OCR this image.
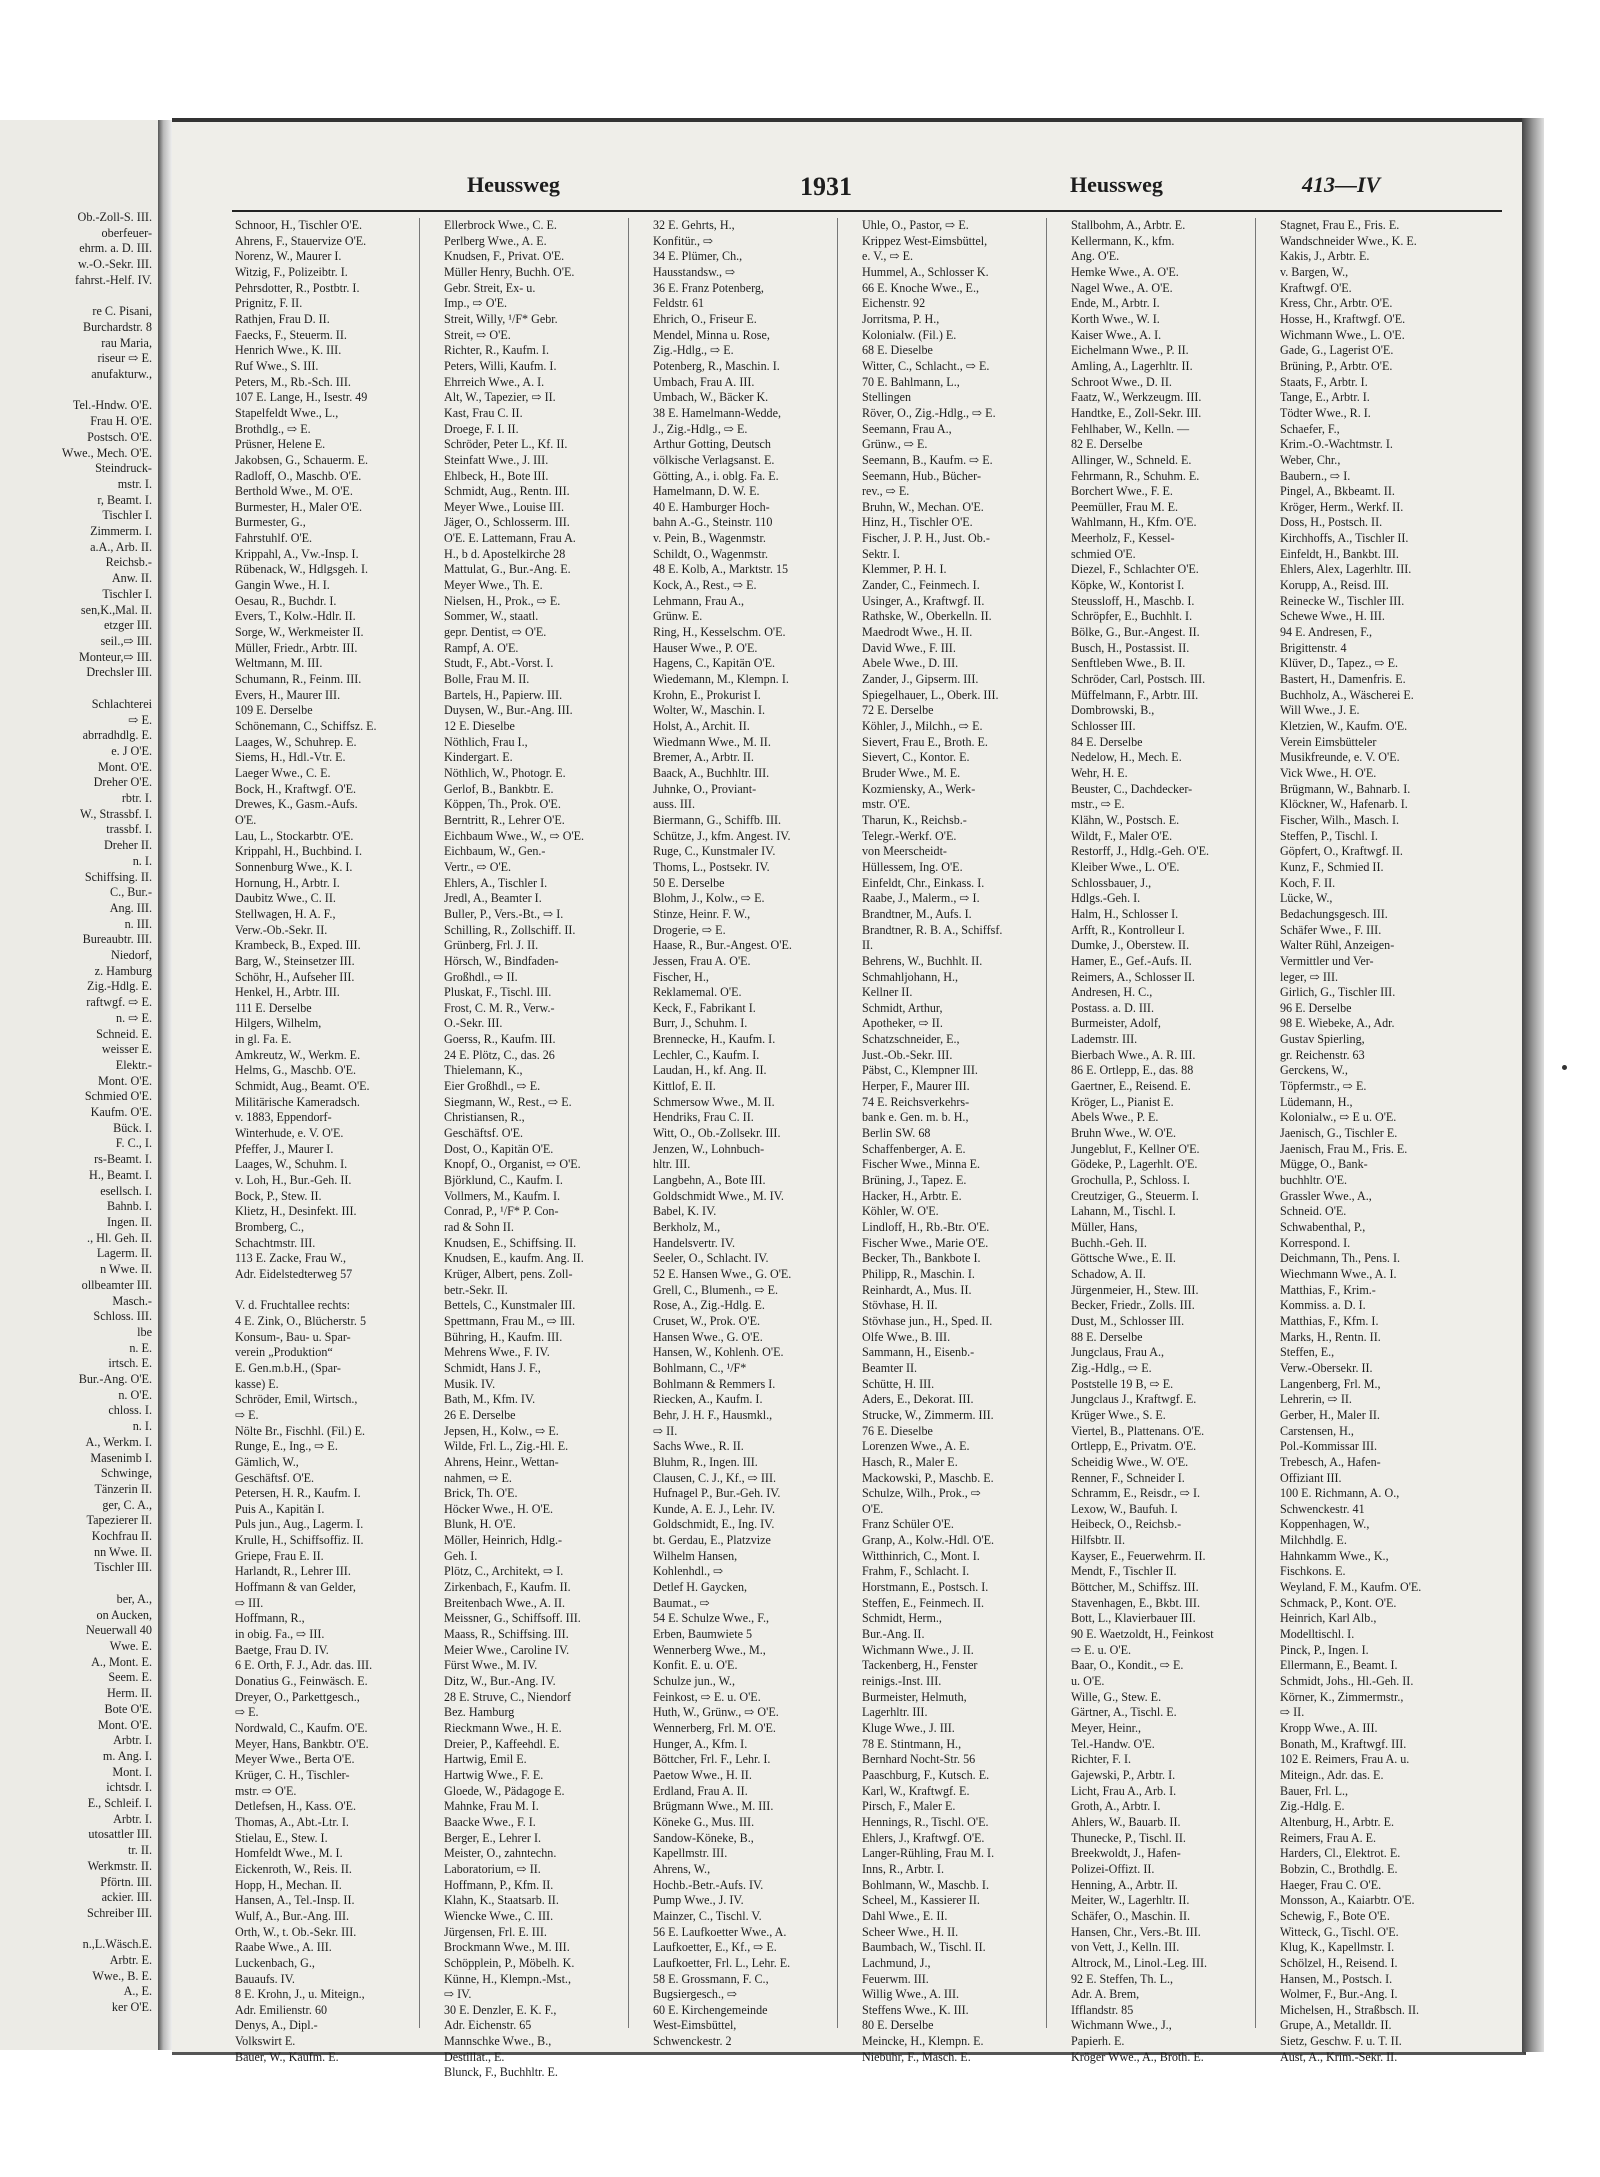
Ob.-Zoll-S. III.
oberfeuer-
ehrm. a. D. III.
w.-O.-Sekr. III.
fahrst.-Helf. IV.

re C. Pisani,
Burchardstr. 8
rau Maria,
riseur ⇨ E.
anufakturw.,

Tel.-Hndw. O'E.
Frau H. O'E.
Postsch. O'E.
Wwe., Mech. O'E.
Steindruck-
mstr. I.
r, Beamt. I.
Tischler I.
Zimmerm. I.
a.A., Arb. II.
Reichsb.-
Anw. II.
Tischler I.
sen,K.,Mal. II.
etzger III.
seil.,⇨ III.
Monteur,⇨ III.
Drechsler III.

Schlachterei
⇨ E.
abrradhdlg. E.
e. J O'E.
Mont. O'E.
Dreher O'E.
rbtr. I.
W., Strassbf. I.
trassbf. I.
Dreher II.
n. I.
Schiffsing. II.
C., Bur.-
Ang. III.
n. III.
Bureaubtr. III.
Niedorf,
z. Hamburg
Zig.-Hdlg. E.
raftwgf. ⇨ E.
n. ⇨ E.
Schneid. E.
weisser E.
Elektr.-
Mont. O'E.
Schmied O'E.
Kaufm. O'E.
Bück. I.
F. C., I.
rs-Beamt. I.
H., Beamt. I.
esellsch. I.
Bahnb. I.
Ingen. II.
., Hl. Geh. II.
Lagerm. II.
n Wwe. II.
ollbeamter III.
Masch.-
Schloss. III.
lbe
n. E.
irtsch. E.
Bur.-Ang. O'E.
n. O'E.
chloss. I.
n. I.
A., Werkm. I.
Masenimb I.
Schwinge,
Tänzerin II.
ger, C. A.,
Tapezierer II.
Kochfrau II.
nn Wwe. II.
Tischler III.

ber, A.,
on Aucken,
Neuerwall 40
Wwe. E.
A., Mont. E.
Seem. E.
Herm. II.
Bote O'E.
Mont. O'E.
Arbtr. I.
m. Ang. I.
Mont. I.
ichtsdr. I.
E., Schleif. I.
Arbtr. I.
utosattler III.
tr. II.
Werkmstr. II.
Pförtn. III.
ackier. III.
Schreiber III.

n.,L.Wäsch.E.
Arbtr. E.
Wwe., B. E.
A., E.
ker O'E.
Heussweg	1931	Heussweg	413—IV
Schnoor, H., Tischler O'E.
Ahrens, F., Stauervize O'E.
Norenz, W., Maurer I.
Witzig, F., Polizeibtr. I.
Pehrsdotter, R., Postbtr. I.
Prignitz, F. II.
Rathjen, Frau D. II.
Faecks, F., Steuerm. II.
Henrich Wwe., K. III.
Ruf Wwe., S. III.
Peters, M., Rb.-Sch. III.
107 E. Lange, H., Isestr. 49
Stapelfeldt Wwe., L.,
Brothdlg., ⇨ E.
Prüsner, Helene E.
Jakobsen, G., Schauerm. E.
Radloff, O., Maschb. O'E.
Berthold Wwe., M. O'E.
Burmester, H., Maler O'E.
Burmester, G.,
Fahrstuhlf. O'E.
Krippahl, A., Vw.-Insp. I.
Rübenack, W., Hdlgsgeh. I.
Gangin Wwe., H. I.
Oesau, R., Buchdr. I.
Evers, T., Kolw.-Hdlr. II.
Sorge, W., Werkmeister II.
Müller, Friedr., Arbtr. III.
Weltmann, M. III.
Schumann, R., Feinm. III.
Evers, H., Maurer III.
109 E. Derselbe
Schönemann, C., Schiffsz. E.
Laages, W., Schuhrep. E.
Siems, H., Hdl.-Vtr. E.
Laeger Wwe., C. E.
Bock, H., Kraftwgf. O'E.
Drewes, K., Gasm.-Aufs.
O'E.
Lau, L., Stockarbtr. O'E.
Krippahl, H., Buchbind. I.
Sonnenburg Wwe., K. I.
Hornung, H., Arbtr. I.
Daubitz Wwe., C. II.
Stellwagen, H. A. F.,
Verw.-Ob.-Sekr. II.
Krambeck, B., Exped. III.
Barg, W., Steinsetzer III.
Schöhr, H., Aufseher III.
Henkel, H., Arbtr. III.
111 E. Derselbe
Hilgers, Wilhelm,
in gl. Fa. E.
Amkreutz, W., Werkm. E.
Helms, G., Maschb. O'E.
Schmidt, Aug., Beamt. O'E.
Militärische Kameradsch.
v. 1883, Eppendorf-
Winterhude, e. V. O'E.
Pfeffer, J., Maurer I.
Laages, W., Schuhm. I.
v. Loh, H., Bur.-Geh. II.
Bock, P., Stew. II.
Klietz, H., Desinfekt. III.
Bromberg, C.,
Schachtmstr. III.
113 E. Zacke, Frau W.,
Adr. Eidelstedterweg 57

V. d. Fruchtallee rechts:
4 E. Zink, O., Blücherstr. 5
Konsum-, Bau- u. Spar-
verein „Produktion“
E. Gen.m.b.H., (Spar-
kasse) E.
Schröder, Emil, Wirtsch.,
⇨ E.
Nölte Br., Fischhl. (Fil.) E.
Runge, E., Ing., ⇨ E.
Gämlich, W.,
Geschäftsf. O'E.
Petersen, H. R., Kaufm. I.
Puis A., Kapitän I.
Puls jun., Aug., Lagerm. I.
Krulle, H., Schiffsoffiz. II.
Griepe, Frau E. II.
Harlandt, R., Lehrer III.
Hoffmann & van Gelder,
⇨ III.
Hoffmann, R.,
in obig. Fa., ⇨ III.
Baetge, Frau D. IV.
6 E. Orth, F. J., Adr. das. III.
Donatius G., Feinwäsch. E.
Dreyer, O., Parkettgesch.,
⇨ E.
Nordwald, C., Kaufm. O'E.
Meyer, Hans, Bankbtr. O'E.
Meyer Wwe., Berta O'E.
Krüger, C. H., Tischler-
mstr. ⇨ O'E.
Detlefsen, H., Kass. O'E.
Thomas, A., Abt.-Ltr. I.
Stielau, E., Stew. I.
Homfeldt Wwe., M. I.
Eickenroth, W., Reis. II.
Hopp, H., Mechan. II.
Hansen, A., Tel.-Insp. II.
Wulf, A., Bur.-Ang. III.
Orth, W., t. Ob.-Sekr. III.
Raabe Wwe., A. III.
Luckenbach, G.,
Bauaufs. IV.
8 E. Krohn, J., u. Miteign.,
Adr. Emilienstr. 60
Denys, A., Dipl.-
Volkswirt E.
Bauer, W., Kaufm. E.
Ellerbrock Wwe., C. E.
Perlberg Wwe., A. E.
Knudsen, F., Privat. O'E.
Müller Henry, Buchh. O'E.
Gebr. Streit, Ex- u.
Imp., ⇨ O'E.
Streit, Willy, ¹/F* Gebr.
Streit, ⇨ O'E.
Richter, R., Kaufm. I.
Peters, Willi, Kaufm. I.
Ehrreich Wwe., A. I.
Alt, W., Tapezier, ⇨ II.
Kast, Frau C. II.
Droege, F. I. II.
Schröder, Peter L., Kf. II.
Steinfatt Wwe., J. III.
Ehlbeck, H., Bote III.
Schmidt, Aug., Rentn. III.
Meyer Wwe., Louise III.
Jäger, O., Schlosserm. III.
O'E. E. Lattemann, Frau A.
H., b d. Apostelkirche 28
Mattulat, G., Bur.-Ang. E.
Meyer Wwe., Th. E.
Nielsen, H., Prok., ⇨ E.
Sommer, W., staatl.
gepr. Dentist, ⇨ O'E.
Rampf, A. O'E.
Studt, F., Abt.-Vorst. I.
Bolle, Frau M. II.
Bartels, H., Papierw. III.
Duysen, W., Bur.-Ang. III.
12 E. Dieselbe
Nöthlich, Frau I.,
Kindergart. E.
Nöthlich, W., Photogr. E.
Gerlof, B., Bankbtr. E.
Köppen, Th., Prok. O'E.
Berntritt, R., Lehrer O'E.
Eichbaum Wwe., W., ⇨ O'E.
Eichbaum, W., Gen.-
Vertr., ⇨ O'E.
Ehlers, A., Tischler I.
Jredl, A., Beamter I.
Buller, P., Vers.-Bt., ⇨ I.
Schilling, R., Zollschiff. II.
Grünberg, Frl. J. II.
Hörsch, W., Bindfaden-
Großhdl., ⇨ II.
Pluskat, F., Tischl. III.
Frost, C. M. R., Verw.-
O.-Sekr. III.
Goerss, R., Kaufm. III.
24 E. Plötz, C., das. 26
Thielemann, K.,
Eier Großhdl., ⇨ E.
Siegmann, W., Rest., ⇨ E.
Christiansen, R.,
Geschäftsf. O'E.
Dost, O., Kapitän O'E.
Knopf, O., Organist, ⇨ O'E.
Björklund, C., Kaufm. I.
Vollmers, M., Kaufm. I.
Conrad, P., ¹/F* P. Con-
rad & Sohn II.
Knudsen, E., Schiffsing. II.
Knudsen, E., kaufm. Ang. II.
Krüger, Albert, pens. Zoll-
betr.-Sekr. II.
Bettels, C., Kunstmaler III.
Spettmann, Frau M., ⇨ III.
Bühring, H., Kaufm. III.
Mehrens Wwe., F. IV.
Schmidt, Hans J. F.,
Musik. IV.
Bath, M., Kfm. IV.
26 E. Derselbe
Jepsen, H., Kolw., ⇨ E.
Wilde, Frl. L., Zig.-Hl. E.
Ahrens, Heinr., Wettan-
nahmen, ⇨ E.
Brick, Th. O'E.
Höcker Wwe., H. O'E.
Blunk, H. O'E.
Möller, Heinrich, Hdlg.-
Geh. I.
Plötz, C., Architekt, ⇨ I.
Zirkenbach, F., Kaufm. II.
Breitenbach Wwe., A. II.
Meissner, G., Schiffsoff. III.
Maass, R., Schiffsing. III.
Meier Wwe., Caroline IV.
Fürst Wwe., M. IV.
Ditz, W., Bur.-Ang. IV.
28 E. Struve, C., Niendorf
Bez. Hamburg
Rieckmann Wwe., H. E.
Dreier, P., Kaffeehdl. E.
Hartwig, Emil E.
Hartwig Wwe., F. E.
Gloede, W., Pädagoge E.
Mahnke, Frau M. I.
Baacke Wwe., F. I.
Berger, E., Lehrer I.
Meister, O., zahntechn.
Laboratorium, ⇨ II.
Hoffmann, P., Kfm. II.
Klahn, K., Staatsarb. II.
Wiencke Wwe., C. III.
Jürgensen, Frl. E. III.
Brockmann Wwe., M. III.
Schöpplein, P., Möbelh. K.
Künne, H., Klempn.-Mst.,
⇨ IV.
30 E. Denzler, E. K. F.,
Adr. Eichenstr. 65
Mannschke Wwe., B.,
Destillat., E.
Blunck, F., Buchhltr. E.
32 E. Gehrts, H.,
Konfitür., ⇨
34 E. Plümer, Ch.,
Hausstandsw., ⇨
36 E. Franz Potenberg,
Feldstr. 61
Ehrich, O., Friseur E.
Mendel, Minna u. Rose,
Zig.-Hdlg., ⇨ E.
Potenberg, R., Maschin. I.
Umbach, Frau A. III.
Umbach, W., Bäcker K.
38 E. Hamelmann-Wedde,
J., Zig.-Hdlg., ⇨ E.
Arthur Gotting, Deutsch
völkische Verlagsanst. E.
Götting, A., i. oblg. Fa. E.
Hamelmann, D. W. E.
40 E. Hamburger Hoch-
bahn A.-G., Steinstr. 110
v. Pein, B., Wagenmstr.
Schildt, O., Wagenmstr.
48 E. Kolb, A., Marktstr. 15
Kock, A., Rest., ⇨ E.
Lehmann, Frau A.,
Grünw. E.
Ring, H., Kesselschm. O'E.
Hauser Wwe., P. O'E.
Hagens, C., Kapitän O'E.
Wiedemann, M., Klempn. I.
Krohn, E., Prokurist I.
Wolter, W., Maschin. I.
Holst, A., Archit. II.
Wiedmann Wwe., M. II.
Bremer, A., Arbtr. II.
Baack, A., Buchhltr. III.
Juhnke, O., Proviant-
auss. III.
Biermann, G., Schiffb. III.
Schütze, J., kfm. Angest. IV.
Ruge, C., Kunstmaler IV.
Thoms, L., Postsekr. IV.
50 E. Derselbe
Blohm, J., Kolw., ⇨ E.
Stinze, Heinr. F. W.,
Drogerie, ⇨ E.
Haase, R., Bur.-Angest. O'E.
Jessen, Frau A. O'E.
Fischer, H.,
Reklamemal. O'E.
Keck, F., Fabrikant I.
Burr, J., Schuhm. I.
Brennecke, H., Kaufm. I.
Lechler, C., Kaufm. I.
Laudan, H., kf. Ang. II.
Kittlof, E. II.
Schmersow Wwe., M. II.
Hendriks, Frau C. II.
Witt, O., Ob.-Zollsekr. III.
Jenzen, W., Lohnbuch-
hltr. III.
Langbehn, A., Bote III.
Goldschmidt Wwe., M. IV.
Babel, K. IV.
Berkholz, M.,
Handelsvertr. IV.
Seeler, O., Schlacht. IV.
52 E. Hansen Wwe., G. O'E.
Grell, C., Blumenh., ⇨ E.
Rose, A., Zig.-Hdlg. E.
Cruset, W., Prok. O'E.
Hansen Wwe., G. O'E.
Hansen, W., Kohlenh. O'E.
Bohlmann, C., ¹/F*
Bohlmann & Remmers I.
Riecken, A., Kaufm. I.
Behr, J. H. F., Hausmkl.,
⇨ II.
Sachs Wwe., R. II.
Bluhm, R., Ingen. III.
Clausen, C. J., Kf., ⇨ III.
Hufnagel P., Bur.-Geh. IV.
Kunde, A. E. J., Lehr. IV.
Goldschmidt, E., Ing. IV.
bt. Gerdau, E., Platzvize
Wilhelm Hansen,
Kohlenhdl., ⇨
Detlef H. Gaycken,
Baumat., ⇨
54 E. Schulze Wwe., F.,
Erben, Baumwiete 5
Wennerberg Wwe., M.,
Konfit. E. u. O'E.
Schulze jun., W.,
Feinkost, ⇨ E. u. O'E.
Huth, W., Grünw., ⇨ O'E.
Wennerberg, Frl. M. O'E.
Hunger, A., Kfm. I.
Böttcher, Frl. F., Lehr. I.
Paetow Wwe., H. II.
Erdland, Frau A. II.
Brügmann Wwe., M. III.
Köneke G., Mus. III.
Sandow-Köneke, B.,
Kapellmstr. III.
Ahrens, W.,
Hochb.-Betr.-Aufs. IV.
Pump Wwe., J. IV.
Mainzer, C., Tischl. V.
56 E. Laufkoetter Wwe., A.
Laufkoetter, E., Kf., ⇨ E.
Laufkoetter, Frl. L., Lehr. E.
58 E. Grossmann, F. C.,
Bugsiergesch., ⇨
60 E. Kirchengemeinde
West-Eimsbüttel,
Schwenckestr. 2
Uhle, O., Pastor, ⇨ E.
Krippez West-Eimsbüttel,
e. V., ⇨ E.
Hummel, A., Schlosser K.
66 E. Knoche Wwe., E.,
Eichenstr. 92
Jorritsma, P. H.,
Kolonialw. (Fil.) E.
68 E. Dieselbe
Witter, C., Schlacht., ⇨ E.
70 E. Bahlmann, L.,
Stellingen
Röver, O., Zig.-Hdlg., ⇨ E.
Seemann, Frau A.,
Grünw., ⇨ E.
Seemann, B., Kaufm. ⇨ E.
Seemann, Hub., Bücher-
rev., ⇨ E.
Bruhn, W., Mechan. O'E.
Hinz, H., Tischler O'E.
Fischer, J. P. H., Just. Ob.-
Sektr. I.
Klemmer, P. H. I.
Zander, C., Feinmech. I.
Usinger, A., Kraftwgf. II.
Rathske, W., Oberkelln. II.
Maedrodt Wwe., H. II.
David Wwe., F. III.
Abele Wwe., D. III.
Zander, J., Gipserm. III.
Spiegelhauer, L., Oberk. III.
72 E. Derselbe
Köhler, J., Milchh., ⇨ E.
Sievert, Frau E., Broth. E.
Sievert, C., Kontor. E.
Bruder Wwe., M. E.
Kozmiensky, A., Werk-
mstr. O'E.
Tharun, K., Reichsb.-
Telegr.-Werkf. O'E.
von Meerscheidt-
Hüllessem, Ing. O'E.
Einfeldt, Chr., Einkass. I.
Raabe, J., Malerm., ⇨ I.
Brandtner, M., Aufs. I.
Brandtner, R. B. A., Schiffsf.
II.
Behrens, W., Buchhlt. II.
Schmahljohann, H.,
Kellner II.
Schmidt, Arthur,
Apotheker, ⇨ II.
Schatzschneider, E.,
Just.-Ob.-Sekr. III.
Päbst, C., Klempner III.
Herper, F., Maurer III.
74 E. Reichsverkehrs-
bank e. Gen. m. b. H.,
Berlin SW. 68
Schaffenberger, A. E.
Fischer Wwe., Minna E.
Brüning, J., Tapez. E.
Hacker, H., Arbtr. E.
Köhler, W. O'E.
Lindloff, H., Rb.-Btr. O'E.
Fischer Wwe., Marie O'E.
Becker, Th., Bankbote I.
Philipp, R., Maschin. I.
Reinhardt, A., Mus. II.
Stövhase, H. II.
Stövhase jun., H., Sped. II.
Olfe Wwe., B. III.
Sammann, H., Eisenb.-
Beamter II.
Schütte, H. III.
Aders, E., Dekorat. III.
Strucke, W., Zimmerm. III.
76 E. Dieselbe
Lorenzen Wwe., A. E.
Hasch, R., Maler E.
Mackowski, P., Maschb. E.
Schulze, Wilh., Prok., ⇨
O'E.
Franz Schüler O'E.
Granp, A., Kolw.-Hdl. O'E.
Witthinrich, C., Mont. I.
Frahm, F., Schlacht. I.
Horstmann, E., Postsch. I.
Steffen, E., Feinmech. II.
Schmidt, Herm.,
Bur.-Ang. II.
Wichmann Wwe., J. II.
Tackenberg, H., Fenster
reinigs.-Inst. III.
Burmeister, Helmuth,
Lagerhltr. III.
Kluge Wwe., J. III.
78 E. Stintmann, H.,
Bernhard Nocht-Str. 56
Paaschburg, F., Kutsch. E.
Karl, W., Kraftwgf. E.
Pirsch, F., Maler E.
Hennings, R., Tischl. O'E.
Ehlers, J., Kraftwgf. O'E.
Langer-Rühling, Frau M. I.
Inns, R., Arbtr. I.
Bohlmann, W., Maschb. I.
Scheel, M., Kassierer II.
Dahl Wwe., E. II.
Scheer Wwe., H. II.
Baumbach, W., Tischl. II.
Lachmund, J.,
Feuerwm. III.
Willig Wwe., A. III.
Steffens Wwe., K. III.
80 E. Derselbe
Meincke, H., Klempn. E.
Niebuhr, F., Masch. E.
Stallbohm, A., Arbtr. E.
Kellermann, K., kfm.
Ang. O'E.
Hemke Wwe., A. O'E.
Nagel Wwe., A. O'E.
Ende, M., Arbtr. I.
Korth Wwe., W. I.
Kaiser Wwe., A. I.
Eichelmann Wwe., P. II.
Amling, A., Lagerhltr. II.
Schroot Wwe., D. II.
Faatz, W., Werkzeugm. III.
Handtke, E., Zoll-Sekr. III.
Fehlhaber, W., Kelln. —
82 E. Derselbe
Allinger, W., Schneld. E.
Fehrmann, R., Schuhm. E.
Borchert Wwe., F. E.
Peemüller, Frau M. E.
Wahlmann, H., Kfm. O'E.
Meerholz, F., Kessel-
schmied O'E.
Diezel, F., Schlachter O'E.
Köpke, W., Kontorist I.
Steussloff, H., Maschb. I.
Schröpfer, E., Buchhlt. I.
Bölke, G., Bur.-Angest. II.
Busch, H., Postassist. II.
Senftleben Wwe., B. II.
Schröder, Carl, Postsch. III.
Müffelmann, F., Arbtr. III.
Dombrowski, B.,
Schlosser III.
84 E. Derselbe
Nedelow, H., Mech. E.
Wehr, H. E.
Beuster, C., Dachdecker-
mstr., ⇨ E.
Klähn, W., Postsch. E.
Wildt, F., Maler O'E.
Restorff, J., Hdlg.-Geh. O'E.
Kleiber Wwe., L. O'E.
Schlossbauer, J.,
Hdlgs.-Geh. I.
Halm, H., Schlosser I.
Arfft, R., Kontrolleur I.
Dumke, J., Oberstew. II.
Hamer, E., Gef.-Aufs. II.
Reimers, A., Schlosser II.
Andresen, H. C.,
Postass. a. D. III.
Burmeister, Adolf,
Lademstr. III.
Bierbach Wwe., A. R. III.
86 E. Ortlepp, E., das. 88
Gaertner, E., Reisend. E.
Kröger, L., Pianist E.
Abels Wwe., P. E.
Bruhn Wwe., W. O'E.
Jungeblut, F., Kellner O'E.
Gödeke, P., Lagerhlt. O'E.
Grochulla, P., Schloss. I.
Creutziger, G., Steuerm. I.
Lahann, M., Tischl. I.
Müller, Hans,
Buchh.-Geh. II.
Göttsche Wwe., E. II.
Schadow, A. II.
Jürgenmeier, H., Stew. III.
Becker, Friedr., Zolls. III.
Dust, M., Schlosser III.
88 E. Derselbe
Jungclaus, Frau A.,
Zig.-Hdlg., ⇨ E.
Poststelle 19 B, ⇨ E.
Jungclaus J., Kraftwgf. E.
Krüger Wwe., S. E.
Viertel, B., Plattenans. O'E.
Ortlepp, E., Privatm. O'E.
Scheidig Wwe., W. O'E.
Renner, F., Schneider I.
Schramm, E., Reisdr., ⇨ I.
Lexow, W., Baufuh. I.
Heibeck, O., Reichsb.-
Hilfsbtr. II.
Kayser, E., Feuerwehrm. II.
Mendt, F., Tischler II.
Böttcher, M., Schiffsz. III.
Stavenhagen, E., Bkbt. III.
Bott, L., Klavierbauer III.
90 E. Waetzoldt, H., Feinkost
⇨ E. u. O'E.
Baar, O., Kondit., ⇨ E.
u. O'E.
Wille, G., Stew. E.
Gärtner, A., Tischl. E.
Meyer, Heinr.,
Tel.-Handw. O'E.
Richter, F. I.
Gajewski, P., Arbtr. I.
Licht, Frau A., Arb. I.
Groth, A., Arbtr. I.
Ahlers, W., Bauarb. II.
Thunecke, P., Tischl. II.
Breekwoldt, J., Hafen-
Polizei-Offizt. II.
Henning, A., Arbtr. II.
Meiter, W., Lagerhltr. II.
Schäfer, O., Maschin. II.
Hansen, Chr., Vers.-Bt. III.
von Vett, J., Kelln. III.
Altrock, M., Linol.-Leg. III.
92 E. Steffen, Th. L.,
Adr. A. Brem,
Ifflandstr. 85
Wichmann Wwe., J.,
Papierh. E.
Kröger Wwe., A., Broth. E.
Stagnet, Frau E., Fris. E.
Wandschneider Wwe., K. E.
Kakis, J., Arbtr. E.
v. Bargen, W.,
Kraftwgf. O'E.
Kress, Chr., Arbtr. O'E.
Hosse, H., Kraftwgf. O'E.
Wichmann Wwe., L. O'E.
Gade, G., Lagerist O'E.
Brüning, P., Arbtr. O'E.
Staats, F., Arbtr. I.
Tange, E., Arbtr. I.
Tödter Wwe., R. I.
Schaefer, F.,
Krim.-O.-Wachtmstr. I.
Weber, Chr.,
Baubern., ⇨ I.
Pingel, A., Bkbeamt. II.
Kröger, Herm., Werkf. II.
Doss, H., Postsch. II.
Kirchhoffs, A., Tischler II.
Einfeldt, H., Bankbt. III.
Ehlers, Alex, Lagerhltr. III.
Korupp, A., Reisd. III.
Reinecke W., Tischler III.
Schewe Wwe., H. III.
94 E. Andresen, F.,
Brigittenstr. 4
Klüver, D., Tapez., ⇨ E.
Bastert, H., Damenfris. E.
Buchholz, A., Wäscherei E.
Will Wwe., J. E.
Kletzien, W., Kaufm. O'E.
Verein Eimsbütteler
Musikfreunde, e. V. O'E.
Vick Wwe., H. O'E.
Brügmann, W., Bahnarb. I.
Klöckner, W., Hafenarb. I.
Fischer, Wilh., Masch. I.
Steffen, P., Tischl. I.
Göpfert, O., Kraftwgf. II.
Kunz, F., Schmied II.
Koch, F. II.
Lücke, W.,
Bedachungsgesch. III.
Schäfer Wwe., F. III.
Walter Rühl, Anzeigen-
Vermittler und Ver-
leger, ⇨ III.
Girlich, G., Tischler III.
96 E. Derselbe
98 E. Wiebeke, A., Adr.
Gustav Spierling,
gr. Reichenstr. 63
Gerckens, W.,
Töpfermstr., ⇨ E.
Lüdemann, H.,
Kolonialw., ⇨ E u. O'E.
Jaenisch, G., Tischler E.
Jaenisch, Frau M., Fris. E.
Mügge, O., Bank-
buchhltr. O'E.
Grassler Wwe., A.,
Schneid. O'E.
Schwabenthal, P.,
Korrespond. I.
Deichmann, Th., Pens. I.
Wiechmann Wwe., A. I.
Matthias, F., Krim.-
Kommiss. a. D. I.
Matthias, F., Kfm. I.
Marks, H., Rentn. II.
Steffen, E.,
Verw.-Obersekr. II.
Langenberg, Frl. M.,
Lehrerin, ⇨ II.
Gerber, H., Maler II.
Carstensen, H.,
Pol.-Kommissar III.
Trebesch, A., Hafen-
Offiziant III.
100 E. Richmann, A. O.,
Schwenckestr. 41
Koppenhagen, W.,
Milchhdlg. E.
Hahnkamm Wwe., K.,
Fischkons. E.
Weyland, F. M., Kaufm. O'E.
Schmack, P., Kont. O'E.
Heinrich, Karl Alb.,
Modelltischl. I.
Pinck, P., Ingen. I.
Ellermann, E., Beamt. I.
Schmidt, Johs., Hl.-Geh. II.
Körner, K., Zimmermstr.,
⇨ II.
Kropp Wwe., A. III.
Bonath, M., Kraftwgf. III.
102 E. Reimers, Frau A. u.
Miteign., Adr. das. E.
Bauer, Frl. L.,
Zig.-Hdlg. E.
Altenburg, H., Arbtr. E.
Reimers, Frau A. E.
Harders, Cl., Elektrot. E.
Bobzin, C., Brothdlg. E.
Haeger, Frau C. O'E.
Monsson, A., Kaiarbtr. O'E.
Schewig, F., Bote O'E.
Witteck, G., Tischl. O'E.
Klug, K., Kapellmstr. I.
Schölzel, H., Reisend. I.
Hansen, M., Postsch. I.
Wolmer, F., Bur.-Ang. I.
Michelsen, H., Straßbsch. II.
Grupe, A., Metalldr. II.
Sietz, Geschw. F. u. T. II.
Aust, A., Krim.-Sekr. II.
